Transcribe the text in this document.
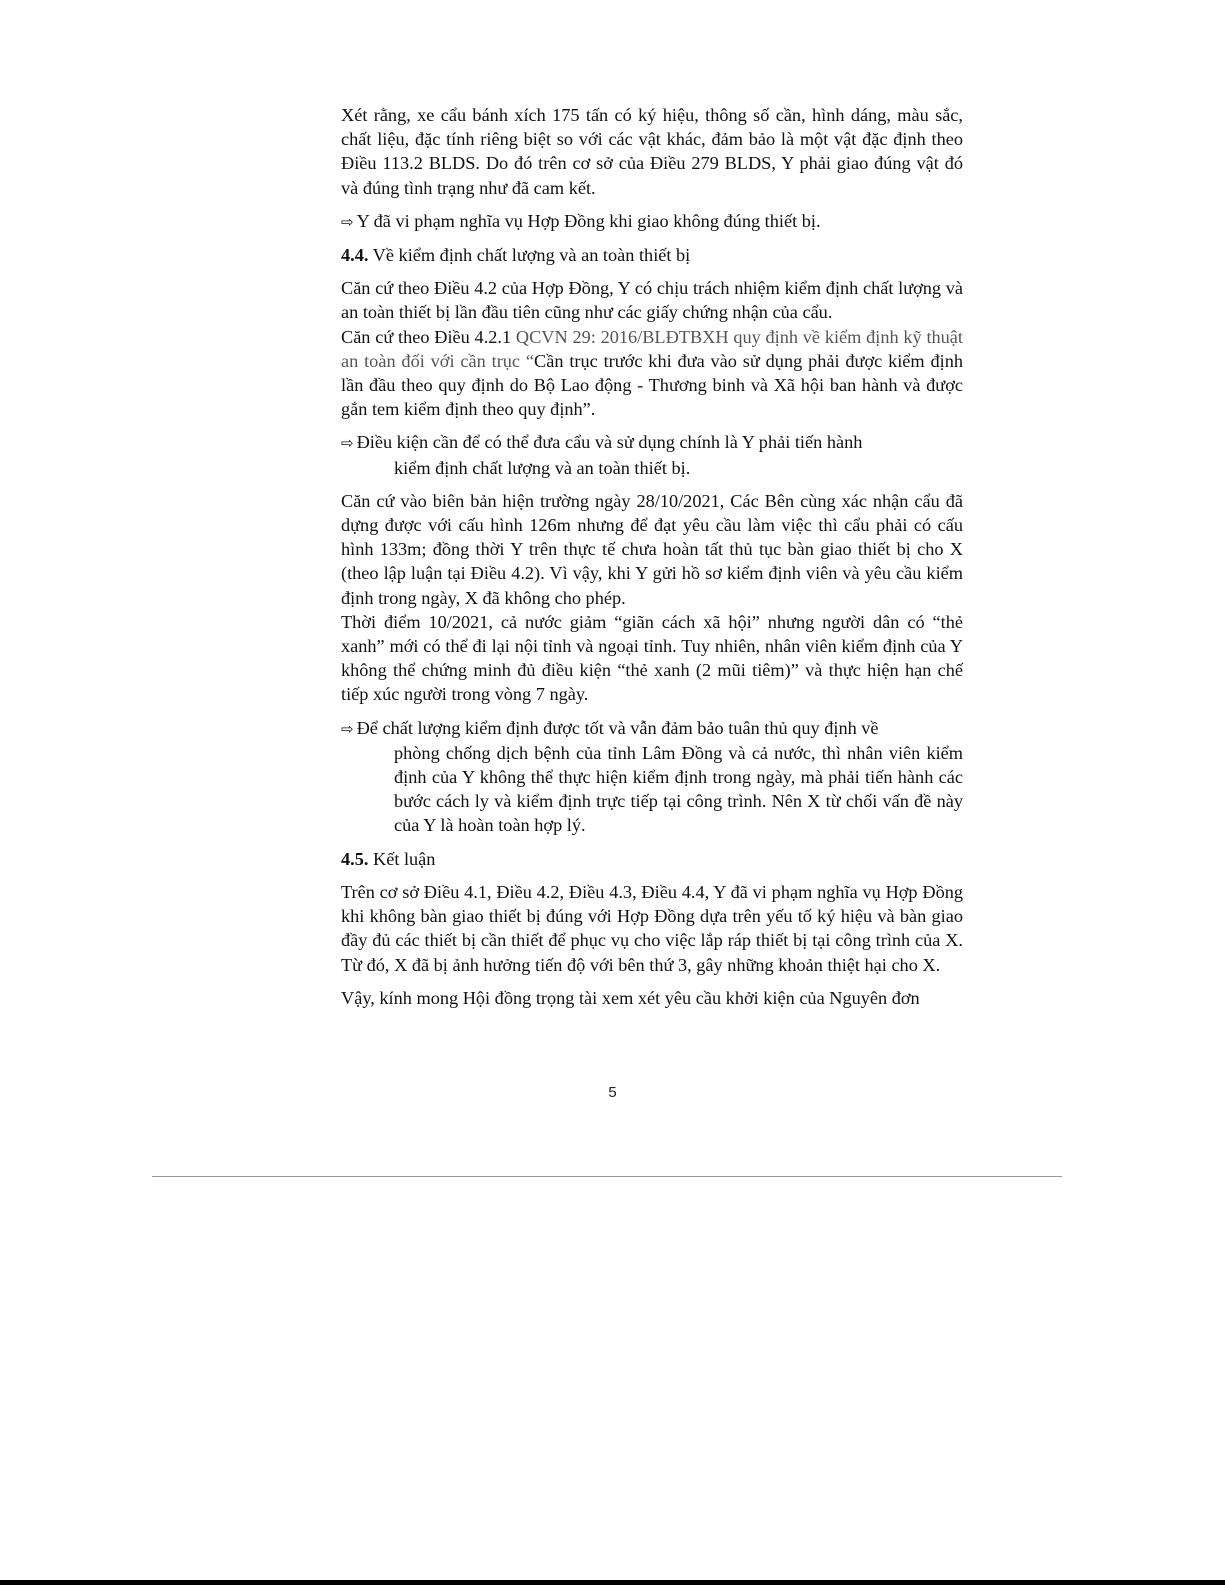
Xét rằng, xe cẩu bánh xích 175 tấn có ký hiệu, thông số cần, hình dáng, màu sắc, chất liệu, đặc tính riêng biệt so với các vật khác, đảm bảo là một vật đặc định theo Điều 113.2 BLDS. Do đó trên cơ sở của Điều 279 BLDS, Y phải giao đúng vật đó và đúng tình trạng như đã cam kết.

⇨ Y đã vi phạm nghĩa vụ Hợp Đồng khi giao không đúng thiết bị.

4.4. Về kiểm định chất lượng và an toàn thiết bị

Căn cứ theo Điều 4.2 của Hợp Đồng, Y có chịu trách nhiệm kiểm định chất lượng và an toàn thiết bị lần đầu tiên cũng như các giấy chứng nhận của cẩu.

Căn cứ theo Điều 4.2.1 QCVN 29: 2016/BLĐTBXH quy định về kiểm định kỹ thuật an toàn đối với cần trục “Cần trục trước khi đưa vào sử dụng phải được kiểm định lần đầu theo quy định do Bộ Lao động - Thương binh và Xã hội ban hành và được gắn tem kiểm định theo quy định”.

⇨ Điều kiện cần để có thể đưa cẩu và sử dụng chính là Y phải tiến hành

kiểm định chất lượng và an toàn thiết bị.

Căn cứ vào biên bản hiện trường ngày 28/10/2021, Các Bên cùng xác nhận cẩu đã dựng được với cấu hình 126m nhưng để đạt yêu cầu làm việc thì cẩu phải có cấu hình 133m; đồng thời Y trên thực tế chưa hoàn tất thủ tục bàn giao thiết bị cho X (theo lập luận tại Điều 4.2). Vì vậy, khi Y gửi hồ sơ kiểm định viên và yêu cầu kiểm định trong ngày, X đã không cho phép.

Thời điểm 10/2021, cả nước giảm “giãn cách xã hội” nhưng người dân có “thẻ xanh” mới có thể đi lại nội tỉnh và ngoại tỉnh. Tuy nhiên, nhân viên kiểm định của Y không thể chứng minh đủ điều kiện “thẻ xanh (2 mũi tiêm)” và thực hiện hạn chế tiếp xúc người trong vòng 7 ngày.

⇨ Để chất lượng kiểm định được tốt và vẫn đảm bảo tuân thủ quy định về

phòng chống dịch bệnh của tỉnh Lâm Đồng và cả nước, thì nhân viên kiểm định của Y không thể thực hiện kiểm định trong ngày, mà phải tiến hành các bước cách ly và kiểm định trực tiếp tại công trình. Nên X từ chối vấn đề này của Y là hoàn toàn hợp lý.

4.5. Kết luận

Trên cơ sở Điều 4.1, Điều 4.2, Điều 4.3, Điều 4.4, Y đã vi phạm nghĩa vụ Hợp Đồng khi không bàn giao thiết bị đúng với Hợp Đồng dựa trên yếu tố ký hiệu và bàn giao đầy đủ các thiết bị cần thiết để phục vụ cho việc lắp ráp thiết bị tại công trình của X. Từ đó, X đã bị ảnh hưởng tiến độ với bên thứ 3, gây những khoản thiệt hại cho X.

Vậy, kính mong Hội đồng trọng tài xem xét yêu cầu khởi kiện của Nguyên đơn

5
